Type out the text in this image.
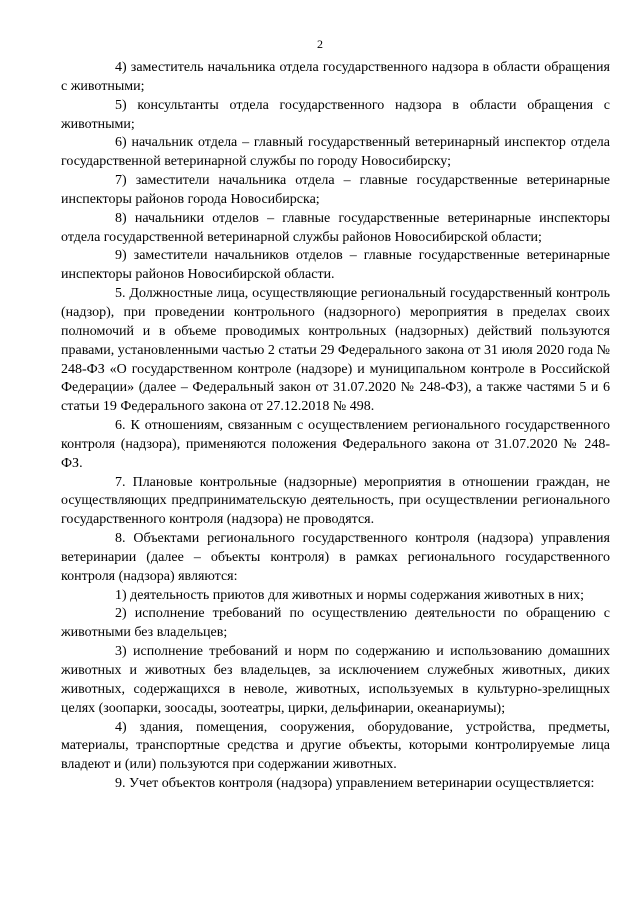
2

4) заместитель начальника отдела государственного надзора в области обращения с животными;

5) консультанты отдела государственного надзора в области обращения с животными;

6) начальник отдела – главный государственный ветеринарный инспектор отдела государственной ветеринарной службы по городу Новосибирску;

7) заместители начальника отдела – главные государственные ветеринарные инспекторы районов города Новосибирска;

8) начальники отделов – главные государственные ветеринарные инспекторы отдела государственной ветеринарной службы районов Новосибирской области;

9) заместители начальников отделов – главные государственные ветеринарные инспекторы районов Новосибирской области.

5. Должностные лица, осуществляющие региональный государственный контроль (надзор), при проведении контрольного (надзорного) мероприятия в пределах своих полномочий и в объеме проводимых контрольных (надзорных) действий пользуются правами, установленными частью 2 статьи 29 Федерального закона от 31 июля 2020 года № 248-ФЗ «О государственном контроле (надзоре) и муниципальном контроле в Российской Федерации» (далее – Федеральный закон от 31.07.2020 № 248-ФЗ), а также частями 5 и 6 статьи 19 Федерального закона от 27.12.2018 № 498.

6. К отношениям, связанным с осуществлением регионального государственного контроля (надзора), применяются положения Федерального закона от 31.07.2020 № 248-ФЗ.

7. Плановые контрольные (надзорные) мероприятия в отношении граждан, не осуществляющих предпринимательскую деятельность, при осуществлении регионального государственного контроля (надзора) не проводятся.

8. Объектами регионального государственного контроля (надзора) управления ветеринарии (далее – объекты контроля) в рамках регионального государственного контроля (надзора) являются:

1) деятельность приютов для животных и нормы содержания животных в них;

2) исполнение требований по осуществлению деятельности по обращению с животными без владельцев;

3) исполнение требований и норм по содержанию и использованию домашних животных и животных без владельцев, за исключением служебных животных, диких животных, содержащихся в неволе, животных, используемых в культурно-зрелищных целях (зоопарки, зоосады, зоотеатры, цирки, дельфинарии, океанариумы);

4) здания, помещения, сооружения, оборудование, устройства, предметы, материалы, транспортные средства и другие объекты, которыми контролируемые лица владеют и (или) пользуются при содержании животных.

9. Учет объектов контроля (надзора) управлением ветеринарии осуществляется:
